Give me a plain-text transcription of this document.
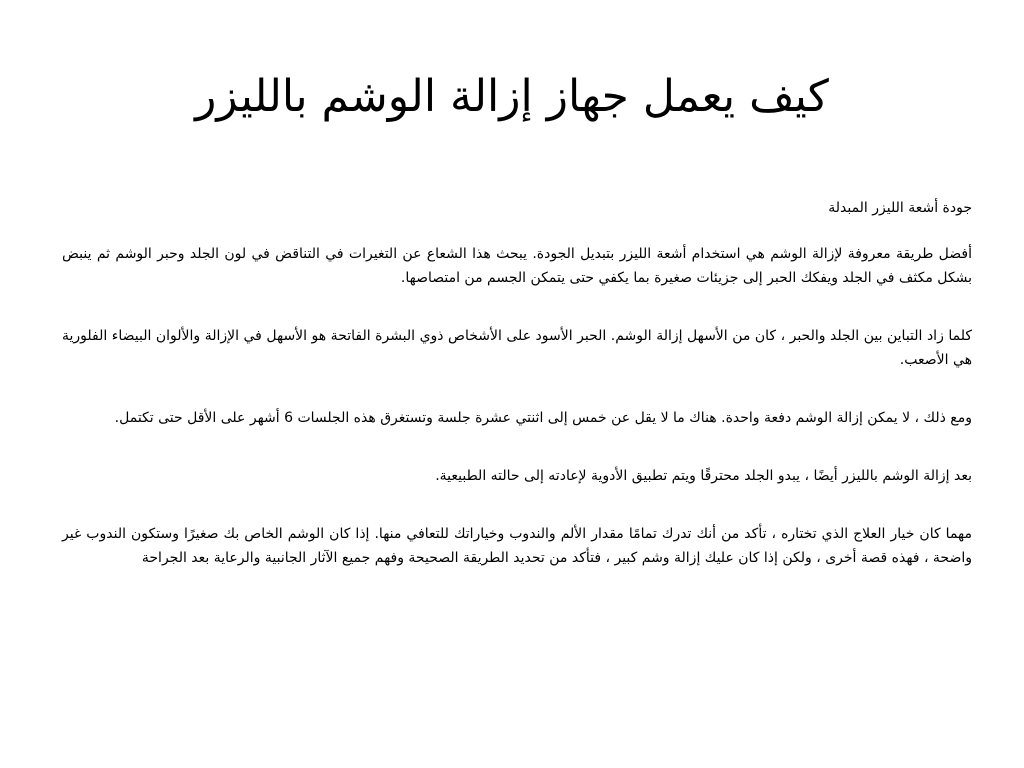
كيف يعمل جهاز إزالة الوشم بالليزر

جودة أشعة الليزر المبدلة

أفضل طريقة معروفة لإزالة الوشم هي استخدام أشعة الليزر بتبديل الجودة. يبحث هذا الشعاع عن التغيرات في التناقض في لون الجلد وحبر الوشم ثم ينبض بشكل مكثف في الجلد ويفكك الحبر إلى جزيئات صغيرة بما يكفي حتى يتمكن الجسم من امتصاصها.

كلما زاد التباين بين الجلد والحبر ، كان من الأسهل إزالة الوشم. الحبر الأسود على الأشخاص ذوي البشرة الفاتحة هو الأسهل في الإزالة والألوان البيضاء الفلورية هي الأصعب.

ومع ذلك ، لا يمكن إزالة الوشم دفعة واحدة. هناك ما لا يقل عن خمس إلى اثنتي عشرة جلسة وتستغرق هذه الجلسات 6 أشهر على الأقل حتى تكتمل.

بعد إزالة الوشم بالليزر أيضًا ، يبدو الجلد محترقًا ويتم تطبيق الأدوية لإعادته إلى حالته الطبيعية.

مهما كان خيار العلاج الذي تختاره ، تأكد من أنك تدرك تمامًا مقدار الألم والندوب وخياراتك للتعافي منها. إذا كان الوشم الخاص بك صغيرًا وستكون الندوب غير واضحة ، فهذه قصة أخرى ، ولكن إذا كان عليك إزالة وشم كبير ، فتأكد من تحديد الطريقة الصحيحة وفهم جميع الآثار الجانبية والرعاية بعد الجراحة
